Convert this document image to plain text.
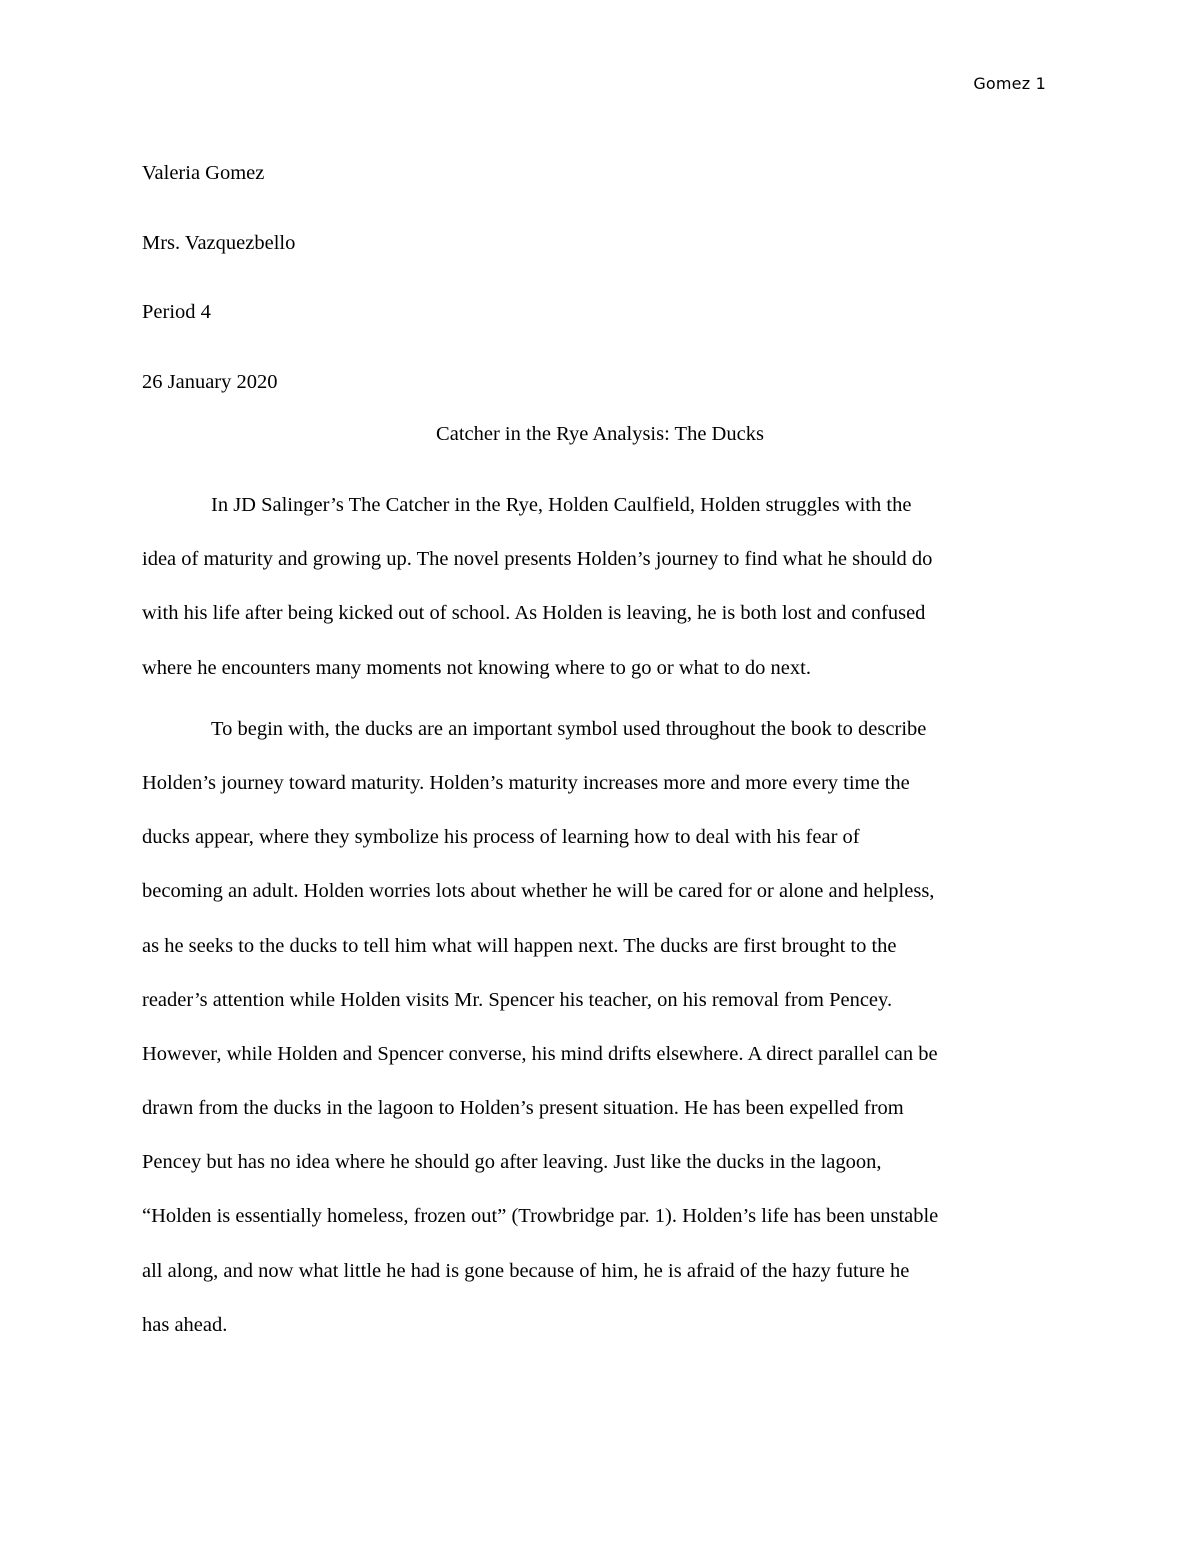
Gomez 1
Valeria Gomez
Mrs. Vazquezbello
Period 4
26 January 2020
Catcher in the Rye Analysis: The Ducks
In JD Salinger’s The Catcher in the Rye, Holden Caulfield, Holden struggles with the
idea of maturity and growing up. The novel presents Holden’s journey to find what he should do
with his life after being kicked out of school. As Holden is leaving, he is both lost and confused
where he encounters many moments not knowing where to go or what to do next.
To begin with, the ducks are an important symbol used throughout the book to describe
Holden’s journey toward maturity. Holden’s maturity increases more and more every time the
ducks appear, where they symbolize his process of learning how to deal with his fear of
becoming an adult. Holden worries lots about whether he will be cared for or alone and helpless,
as he seeks to the ducks to tell him what will happen next. The ducks are first brought to the
reader’s attention while Holden visits Mr. Spencer his teacher, on his removal from Pencey.
However, while Holden and Spencer converse, his mind drifts elsewhere. A direct parallel can be
drawn from the ducks in the lagoon to Holden’s present situation. He has been expelled from
Pencey but has no idea where he should go after leaving. Just like the ducks in the lagoon,
“Holden is essentially homeless, frozen out” (Trowbridge par. 1). Holden’s life has been unstable
all along, and now what little he had is gone because of him, he is afraid of the hazy future he
has ahead.
